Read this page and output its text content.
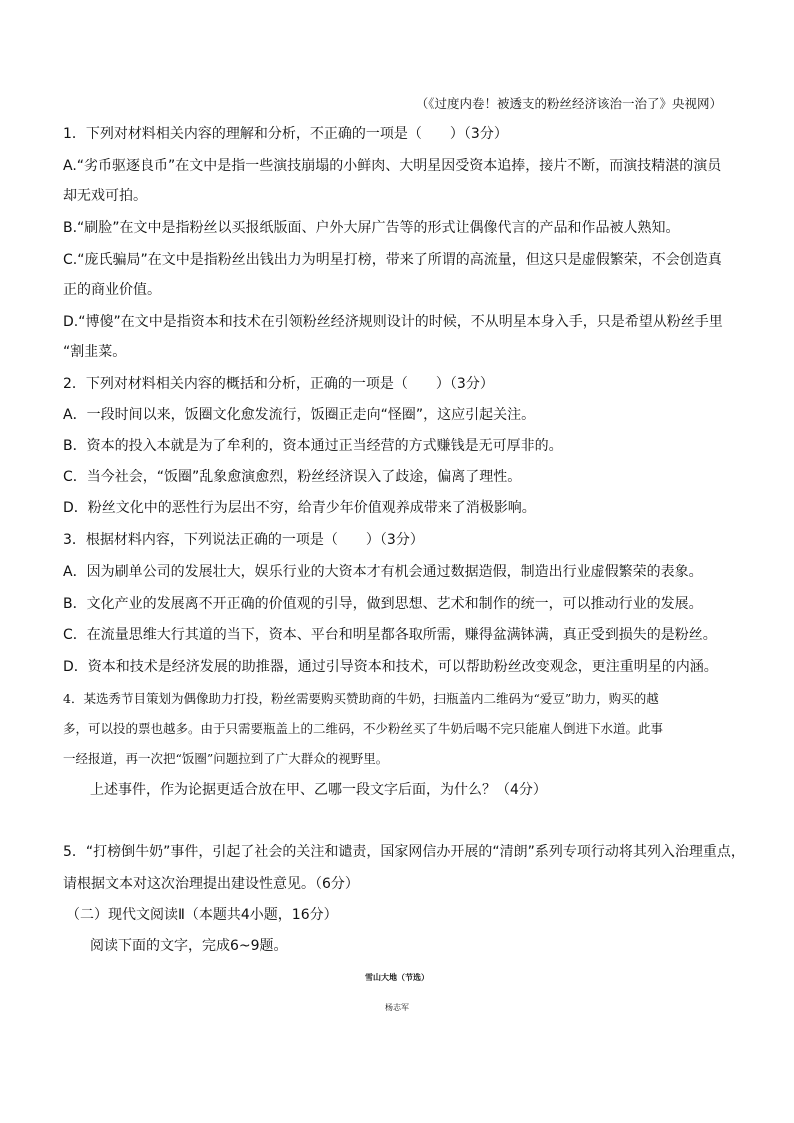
（《过度内卷！被透支的粉丝经济该治一治了》央视网）
1．下列对材料相关内容的理解和分析，不正确的一项是（　　）（3分）
A.“劣币驱逐良币”在文中是指一些演技崩塌的小鲜肉、大明星因受资本追捧，接片不断，而演技精湛的演员
却无戏可拍。
B.“刷脸”在文中是指粉丝以买报纸版面、户外大屏广告等的形式让偶像代言的产品和作品被人熟知。
C.“庞氏骗局”在文中是指粉丝出钱出力为明星打榜，带来了所谓的高流量，但这只是虚假繁荣，不会创造真
正的商业价值。
D.“博傻”在文中是指资本和技术在引领粉丝经济规则设计的时候，不从明星本身入手，只是希望从粉丝手里
“割韭菜。
2．下列对材料相关内容的概括和分析，正确的一项是（　　）（3分）
A．一段时间以来，饭圈文化愈发流行，饭圈正走向“怪圈”，这应引起关注。
B．资本的投入本就是为了牟利的，资本通过正当经营的方式赚钱是无可厚非的。
C．当今社会，“饭圈”乱象愈演愈烈，粉丝经济误入了歧途，偏离了理性。
D．粉丝文化中的恶性行为层出不穷，给青少年价值观养成带来了消极影响。
3．根据材料内容，下列说法正确的一项是（　　）（3分）
A．因为刷单公司的发展壮大，娱乐行业的大资本才有机会通过数据造假，制造出行业虚假繁荣的表象。
B．文化产业的发展离不开正确的价值观的引导，做到思想、艺术和制作的统一，可以推动行业的发展。
C．在流量思维大行其道的当下，资本、平台和明星都各取所需，赚得盆满钵满，真正受到损失的是粉丝。
D．资本和技术是经济发展的助推器，通过引导资本和技术，可以帮助粉丝改变观念，更注重明星的内涵。
4．某选秀节目策划为偶像助力打投，粉丝需要购买赞助商的牛奶，扫瓶盖内二维码为“爱豆”助力，购买的越
多，可以投的票也越多。由于只需要瓶盖上的二维码，不少粉丝买了牛奶后喝不完只能雇人倒进下水道。此事
一经报道，再一次把“饭圈”问题拉到了广大群众的视野里。
上述事件，作为论据更适合放在甲、乙哪一段文字后面，为什么？（4分）
5．“打榜倒牛奶”事件，引起了社会的关注和谴责，国家网信办开展的“清朗”系列专项行动将其列入治理重点，
请根据文本对这次治理提出建设性意见。（6分）
（二）现代文阅读Ⅱ（本题共4小题，16分）
阅读下面的文字，完成6~9题。
雪山大地（节选）
杨志军
